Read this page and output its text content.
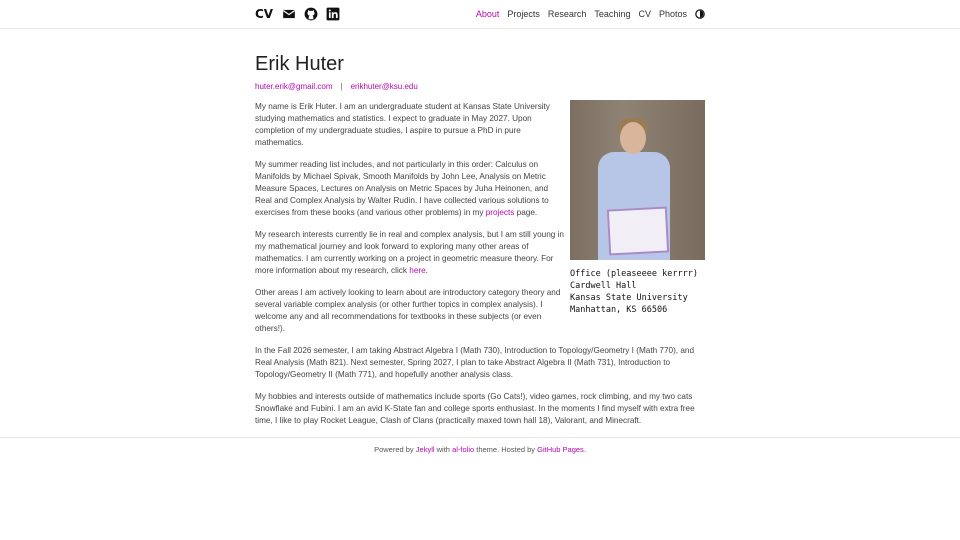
CV	About Projects Research Teaching CV Photos
Erik Huter
huter.erik@gmail.com | erikhuter@ksu.edu
Office (pleaseeee kerrrr)
Cardwell Hall
Kansas State University
Manhattan, KS 66506

My name is Erik Huter. I am an undergraduate student at Kansas State University studying mathematics and statistics. I expect to graduate in May 2027. Upon completion of my undergraduate studies, I aspire to pursue a PhD in pure mathematics.

My summer reading list includes, and not particularly in this order: Calculus on Manifolds by Michael Spivak, Smooth Manifolds by John Lee, Analysis on Metric Measure Spaces, Lectures on Analysis on Metric Spaces by Juha Heinonen, and Real and Complex Analysis by Walter Rudin. I have collected various solutions to exercises from these books (and various other problems) in my projects page.

My research interests currently lie in real and complex analysis, but I am still young in my mathematical journey and look forward to exploring many other areas of mathematics. I am currently working on a project in geometric measure theory. For more information about my research, click here.

Other areas I am actively looking to learn about are introductory category theory and several variable complex analysis (or other further topics in complex analysis). I welcome any and all recommendations for textbooks in these subjects (or even others!).

In the Fall 2026 semester, I am taking Abstract Algebra I (Math 730), Introduction to Topology/Geometry I (Math 770), and Real Analysis (Math 821). Next semester, Spring 2027, I plan to take Abstract Algebra II (Math 731), Introduction to Topology/Geometry II (Math 771), and hopefully another analysis class.

My hobbies and interests outside of mathematics include sports (Go Cats!), video games, rock climbing, and my two cats Snowflake and Fubini. I am an avid K-State fan and college sports enthusiast. In the moments I find myself with extra free time, I like to play Rocket League, Clash of Clans (practically maxed town hall 18), Valorant, and Minecraft.

Powered by Jekyll with al-folio theme. Hosted by GitHub Pages.
